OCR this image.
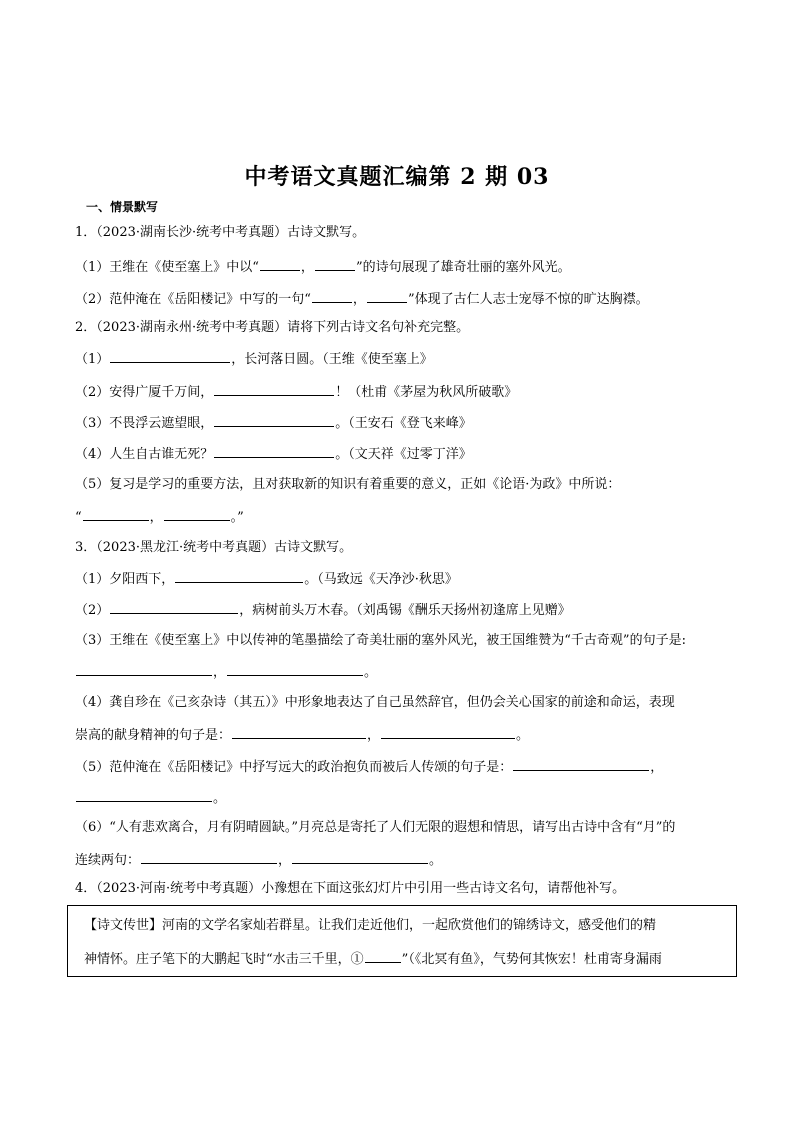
中考语文真题汇编第 2 期 03
一、情景默写
1．（2023·湖南长沙·统考中考真题）古诗文默写。
（1）王维在《使至塞上》中以“	，	”的诗句展现了雄奇壮丽的塞外风光。
（2）范仲淹在《岳阳楼记》中写的一句“	，	”体现了古仁人志士宠辱不惊的旷达胸襟。
2．（2023·湖南永州·统考中考真题）请将下列古诗文名句补充完整。
（1）	，长河落日圆。（王维《使至塞上》
（2）安得广厦千万间，	！（杜甫《茅屋为秋风所破歌》
（3）不畏浮云遮望眼，	。（王安石《登飞来峰》
（4）人生自古谁无死？	。（文天祥《过零丁洋》
（5）复习是学习的重要方法，且对获取新的知识有着重要的意义，正如《论语·为政》中所说：
“	，	。”
3．（2023·黑龙江·统考中考真题）古诗文默写。
（1）夕阳西下，	。（马致远《天净沙·秋思》
（2）	，病树前头万木春。（刘禹锡《酬乐天扬州初逢席上见赠》
（3）王维在《使至塞上》中以传神的笔墨描绘了奇美壮丽的塞外风光，被王国维赞为“千古奇观”的句子是:
，	。
（4）龚自珍在《己亥杂诗（其五）》中形象地表达了自己虽然辞官，但仍会关心国家的前途和命运，表现
崇高的献身精神的句子是：	，	。
（5）范仲淹在《岳阳楼记》中抒写远大的政治抱负而被后人传颂的句子是：	，
。
（6）“人有悲欢离合，月有阴晴圆缺。”月亮总是寄托了人们无限的遐想和情思，请写出古诗中含有“月”的
连续两句：	，	。
4．（2023·河南·统考中考真题）小豫想在下面这张幻灯片中引用一些古诗文名句，请帮他补写。
【诗文传世】河南的文学名家灿若群星。让我们走近他们，一起欣赏他们的锦绣诗文，感受他们的精
神情怀。庄子笔下的大鹏起飞时“水击三千里，①	”（《北冥有鱼》，气势何其恢宏！杜甫寄身漏雨
